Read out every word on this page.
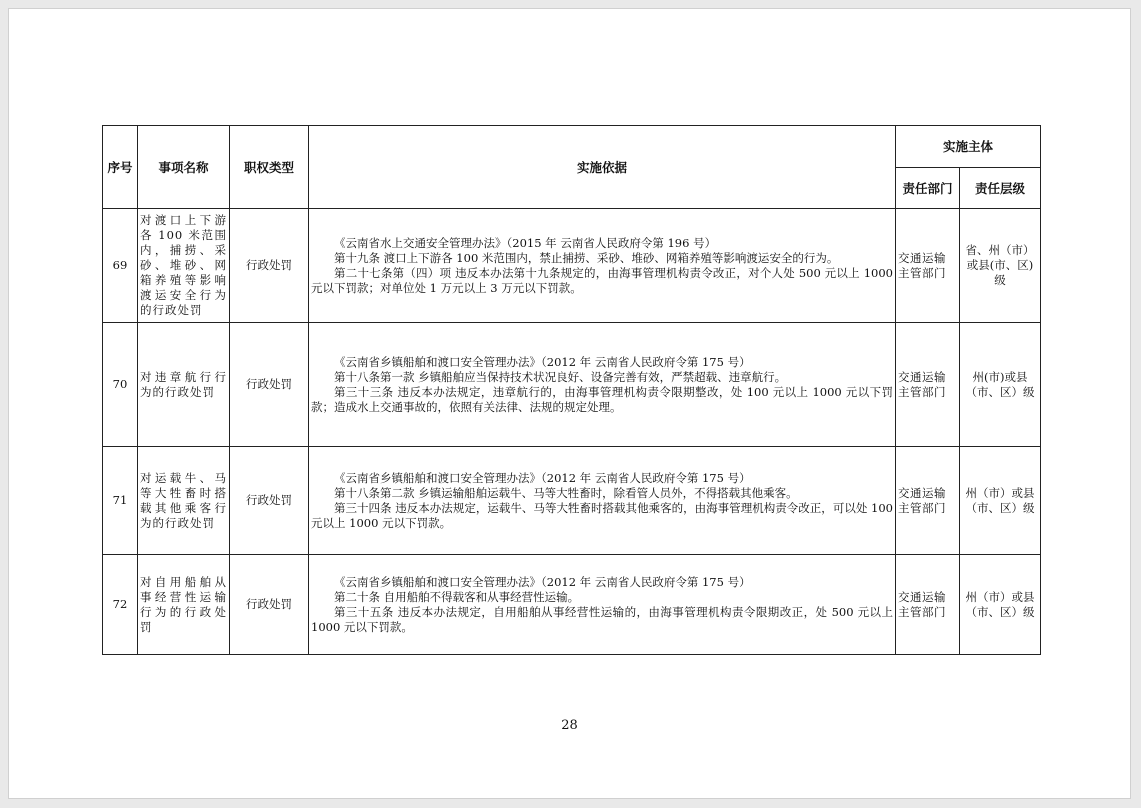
序号	事项名称	职权类型	实施依据	实施主体	
				责任部门	责任层级
69	对渡口上下游各 100 米范围内，捕捞、采砂、堆砂、网箱养殖等影响渡运安全行为的行政处罚	行政处罚	《云南省水上交通安全管理办法》（2015 年 云南省人民政府令第 196 号）

第十九条 渡口上下游各 100 米范围内，禁止捕捞、采砂、堆砂、网箱养殖等影响渡运安全的行为。

第二十七条第（四）项 违反本办法第十九条规定的，由海事管理机构责令改正，对个人处 500 元以上 1000 元以下罚款；对单位处 1 万元以上 3 万元以下罚款。	交通运输主管部门	省、州（市）或县(市、区)级
70	对违章航行行为的行政处罚	行政处罚	《云南省乡镇船舶和渡口安全管理办法》（2012 年 云南省人民政府令第 175 号）

第十八条第一款 乡镇船舶应当保持技术状况良好、设备完善有效，严禁超载、违章航行。

第三十三条 违反本办法规定，违章航行的，由海事管理机构责令限期整改，处 100 元以上 1000 元以下罚款；造成水上交通事故的，依照有关法律、法规的规定处理。	交通运输主管部门	州(市)或县（市、区）级
71	对运载牛、马等大牲畜时搭载其他乘客行为的行政处罚	行政处罚	《云南省乡镇船舶和渡口安全管理办法》（2012 年 云南省人民政府令第 175 号）

第十八条第二款 乡镇运输船舶运载牛、马等大牲畜时，除看管人员外，不得搭载其他乘客。

第三十四条 违反本办法规定，运载牛、马等大牲畜时搭载其他乘客的，由海事管理机构责令改正，可以处 100 元以上 1000 元以下罚款。	交通运输主管部门	州（市）或县（市、区）级
72	对自用船舶从事经营性运输行为的行政处罚	行政处罚	《云南省乡镇船舶和渡口安全管理办法》（2012 年 云南省人民政府令第 175 号）

第二十条 自用船舶不得载客和从事经营性运输。

第三十五条 违反本办法规定，自用船舶从事经营性运输的，由海事管理机构责令限期改正，处 500 元以上 1000 元以下罚款。	交通运输主管部门	州（市）或县（市、区）级
28
